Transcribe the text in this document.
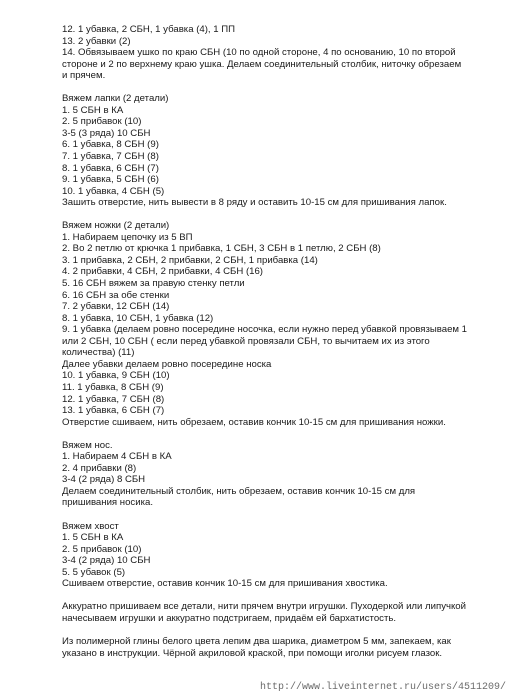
12. 1 убавка, 2 СБН, 1 убавка (4), 1 ПП
13. 2 убавки (2)
14. Обвязываем ушко по краю СБН (10 по одной стороне, 4 по основанию, 10 по второй
стороне и 2 по верхнему краю ушка. Делаем соединительный столбик, ниточку обрезаем
и прячем.
Вяжем лапки (2 детали)
1. 5 СБН в КА
2. 5 прибавок (10)
3-5 (3 ряда) 10 СБН
6. 1 убавка, 8 СБН (9)
7. 1 убавка, 7 СБН (8)
8. 1 убавка, 6 СБН (7)
9. 1 убавка, 5 СБН (6)
10. 1 убавка, 4 СБН (5)
Зашить отверстие, нить вывести в 8 ряду и оставить 10-15 см для пришивания лапок.
Вяжем ножки (2 детали)
1. Набираем цепочку из 5 ВП
2. Во 2 петлю от крючка 1 прибавка, 1 СБН, 3 СБН в 1 петлю, 2 СБН (8)
3. 1 прибавка, 2 СБН, 2 прибавки, 2 СБН, 1 прибавка (14)
4. 2 прибавки, 4 СБН, 2 прибавки, 4 СБН (16)
5. 16 СБН вяжем за правую стенку петли
6. 16 СБН за обе стенки
7. 2 убавки, 12 СБН (14)
8. 1 убавка, 10 СБН, 1 убавка (12)
9. 1 убавка (делаем ровно посередине носочка, если нужно перед убавкой провязываем 1
или 2 СБН, 10 СБН ( если перед убавкой провязали СБН, то вычитаем их из этого
количества) (11)
Далее убавки делаем ровно посередине носка
10. 1 убавка, 9 СБН (10)
11. 1 убавка, 8 СБН (9)
12. 1 убавка, 7 СБН (8)
13. 1 убавка, 6 СБН (7)
Отверстие сшиваем, нить обрезаем, оставив кончик 10-15 см для пришивания ножки.
Вяжем нос.
1. Набираем 4 СБН в КА
2. 4 прибавки (8)
3-4 (2 ряда) 8 СБН
Делаем соединительный столбик, нить обрезаем, оставив кончик 10-15 см для
пришивания носика.
Вяжем хвост
1. 5 СБН в КА
2. 5 прибавок (10)
3-4 (2 ряда) 10 СБН
5. 5 убавок (5)
Сшиваем отверстие, оставив кончик 10-15 см для пришивания хвостика.
Аккуратно пришиваем все детали, нити прячем внутри игрушки. Пуходеркой или липучкой
начесываем игрушки и аккуратно подстригаем, придаём ей бархатистость.
Из полимерной глины белого цвета лепим два шарика, диаметром 5 мм, запекаем, как
указано в инструкции. Чёрной акриловой краской, при помощи иголки рисуем глазок.
http://www.liveinternet.ru/users/4511209/
